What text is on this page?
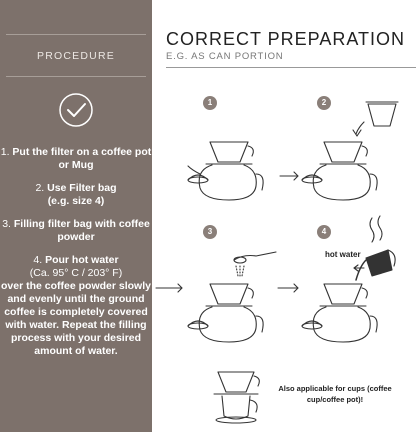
PROCEDURE
1. Put the filter on a coffee pot or Mug
2. Use Filter bag
(e.g. size 4)
3. Filling filter bag with coffee powder
4. Pour hot water
(Ca. 95° C / 203° F)
over the coffee powder slowly and evenly until the ground coffee is completely covered with water. Repeat the filling process with your desired amount of water.
CORRECT PREPARATION
E.G. AS CAN PORTION
1	2
3	4
hot water
Also applicable for cups (coffee cup/coffee pot)!
